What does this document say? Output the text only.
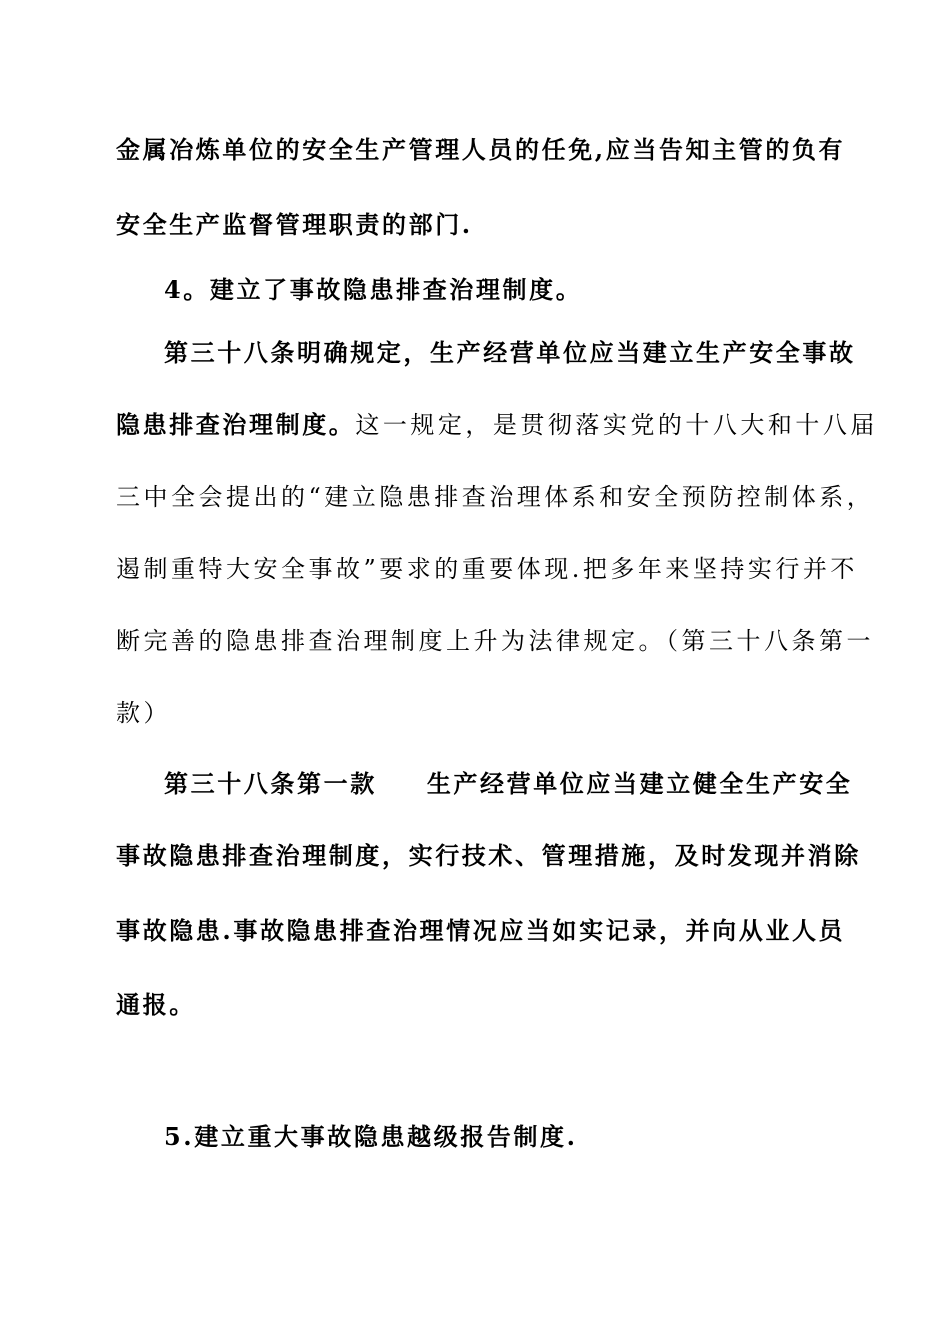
金属冶炼单位的安全生产管理人员的任免,应当告知主管的负有
安全生产监督管理职责的部门.
4。建立了事故隐患排查治理制度。
第三十八条明确规定，生产经营单位应当建立生产安全事故
隐患排查治理制度。这一规定，是贯彻落实党的十八大和十八届
三中全会提出的“建立隐患排查治理体系和安全预防控制体系，
遏制重特大安全事故”要求的重要体现.把多年来坚持实行并不
断完善的隐患排查治理制度上升为法律规定。（第三十八条第一
款）
第三十八条第一款 生产经营单位应当建立健全生产安全
事故隐患排查治理制度，实行技术、管理措施，及时发现并消除
事故隐患.事故隐患排查治理情况应当如实记录，并向从业人员
通报。
5.建立重大事故隐患越级报告制度.
